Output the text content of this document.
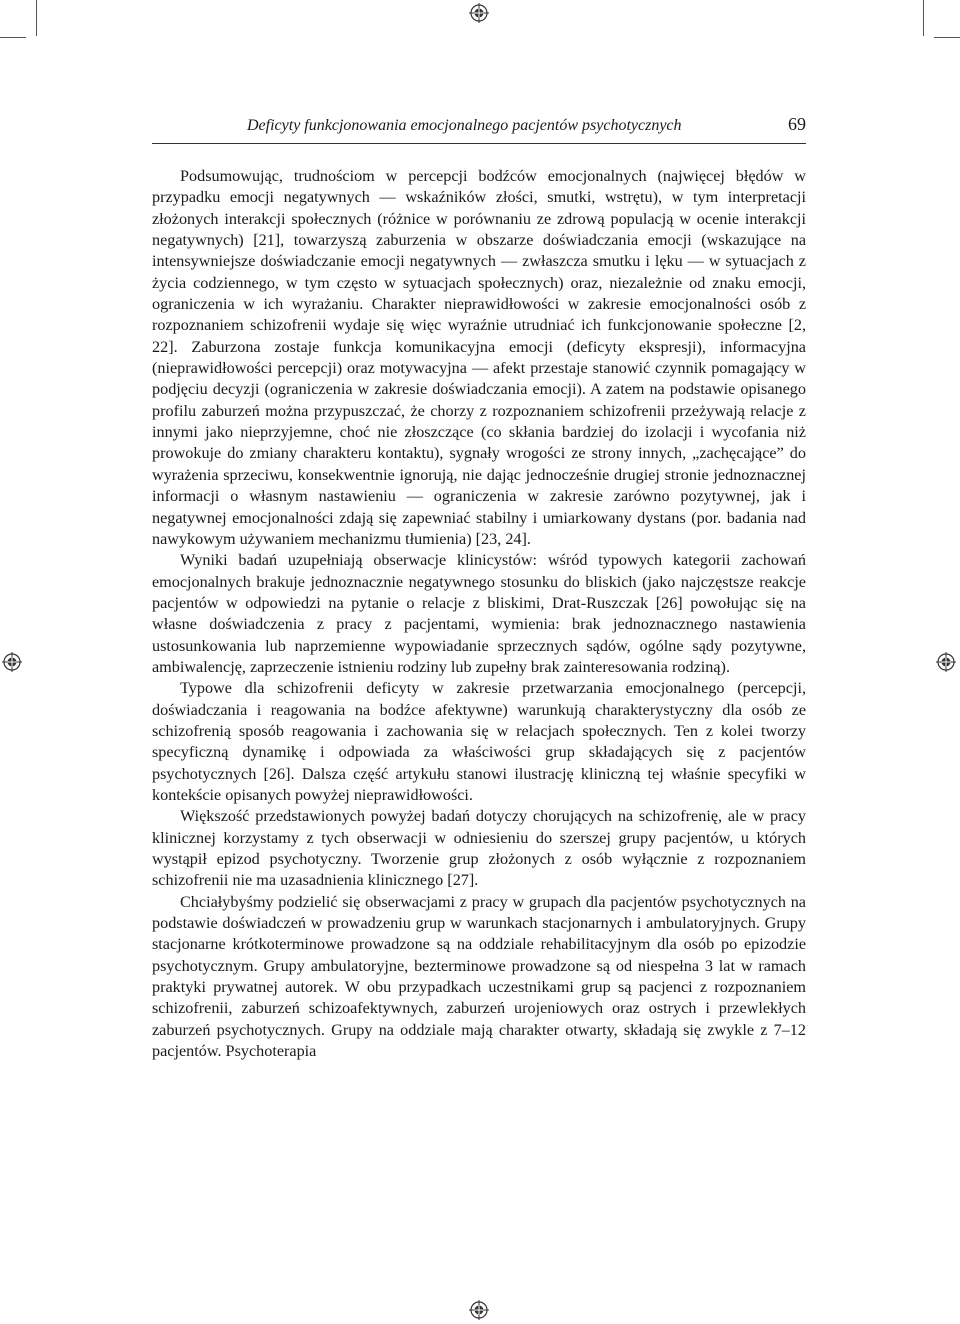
Deficyty funkcjonowania emocjonalnego pacjentów psychotycznych	69

Podsumowując, trudnościom w percepcji bodźców emocjonalnych (najwięcej błędów w przypadku emocji negatywnych — wskaźników złości, smutki, wstrętu), w tym interpretacji złożonych interakcji społecznych (różnice w porównaniu ze zdrową populacją w ocenie interakcji negatywnych) [21], towarzyszą zaburzenia w obszarze doświadczania emocji (wskazujące na intensywniejsze doświadczanie emocji negatywnych — zwłaszcza smutku i lęku — w sytuacjach z życia codziennego, w tym często w sytuacjach społecznych) oraz, niezależnie od znaku emocji, ograniczenia w ich wyrażaniu. Charakter nieprawidłowości w zakresie emocjonalności osób z rozpoznaniem schizofrenii wydaje się więc wyraźnie utrudniać ich funkcjonowanie społeczne [2, 22]. Zaburzona zostaje funkcja komunikacyjna emocji (deficyty ekspresji), informacyjna (nieprawidłowości percepcji) oraz motywacyjna — afekt przestaje stanowić czynnik pomagający w podjęciu decyzji (ograniczenia w zakresie doświadczania emocji). A zatem na podstawie opisanego profilu zaburzeń można przypuszczać, że chorzy z rozpoznaniem schizofrenii przeżywają relacje z innymi jako nieprzyjemne, choć nie złoszczące (co skłania bardziej do izolacji i wycofania niż prowokuje do zmiany charakteru kontaktu), sygnały wrogości ze strony innych, „zachęcające” do wyrażenia sprzeciwu, konsekwentnie ignorują, nie dając jednocześnie drugiej stronie jednoznacznej informacji o własnym nastawieniu — ograniczenia w zakresie zarówno pozytywnej, jak i negatywnej emocjonalności zdają się zapewniać stabilny i umiarkowany dystans (por. badania nad nawykowym używaniem mechanizmu tłumienia) [23, 24].

Wyniki badań uzupełniają obserwacje klinicystów: wśród typowych kategorii zachowań emocjonalnych brakuje jednoznacznie negatywnego stosunku do bliskich (jako najczęstsze reakcje pacjentów w odpowiedzi na pytanie o relacje z bliskimi, Drat-Ruszczak [26] powołując się na własne doświadczenia z pracy z pacjentami, wymienia: brak jednoznacznego nastawienia ustosunkowania lub naprzemienne wypowiadanie sprzecznych sądów, ogólne sądy pozytywne, ambiwalencję, zaprzeczenie istnieniu rodziny lub zupełny brak zainteresowania rodziną).

Typowe dla schizofrenii deficyty w zakresie przetwarzania emocjonalnego (percepcji, doświadczania i reagowania na bodźce afektywne) warunkują charakterystyczny dla osób ze schizofrenią sposób reagowania i zachowania się w relacjach społecznych. Ten z kolei tworzy specyficzną dynamikę i odpowiada za właściwości grup składających się z pacjentów psychotycznych [26]. Dalsza część artykułu stanowi ilustrację kliniczną tej właśnie specyfiki w kontekście opisanych powyżej nieprawidłowości.

Większość przedstawionych powyżej badań dotyczy chorujących na schizofrenię, ale w pracy klinicznej korzystamy z tych obserwacji w odniesieniu do szerszej grupy pacjentów, u których wystąpił epizod psychotyczny. Tworzenie grup złożonych z osób wyłącznie z rozpoznaniem schizofrenii nie ma uzasadnienia klinicznego [27].

Chciałybyśmy podzielić się obserwacjami z pracy w grupach dla pacjentów psychotycznych na podstawie doświadczeń w prowadzeniu grup w warunkach stacjonarnych i ambulatoryjnych. Grupy stacjonarne krótkoterminowe prowadzone są na oddziale rehabilitacyjnym dla osób po epizodzie psychotycznym. Grupy ambulatoryjne, bezterminowe prowadzone są od niespełna 3 lat w ramach praktyki prywatnej autorek. W obu przypadkach uczestnikami grup są pacjenci z rozpoznaniem schizofrenii, zaburzeń schizoafektywnych, zaburzeń urojeniowych oraz ostrych i przewlekłych zaburzeń psychotycznych. Grupy na oddziale mają charakter otwarty, składają się zwykle z 7–12 pacjentów. Psychoterapia
